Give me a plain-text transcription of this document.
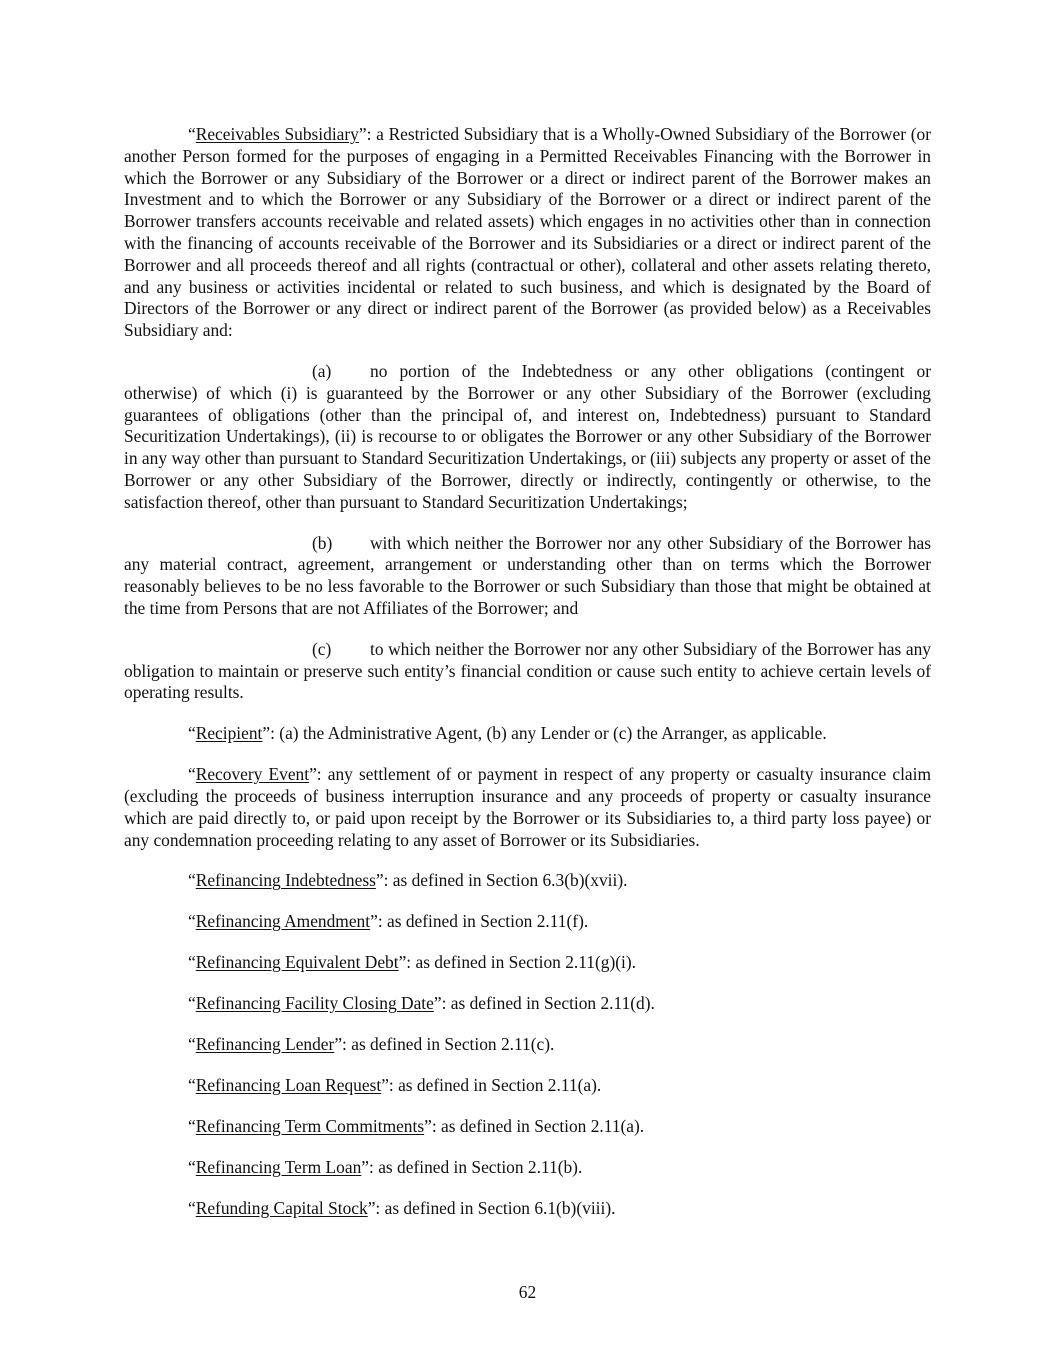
“Receivables Subsidiary”: a Restricted Subsidiary that is a Wholly-Owned Subsidiary of the Borrower (or another Person formed for the purposes of engaging in a Permitted Receivables Financing with the Borrower in which the Borrower or any Subsidiary of the Borrower or a direct or indirect parent of the Borrower makes an Investment and to which the Borrower or any Subsidiary of the Borrower or a direct or indirect parent of the Borrower transfers accounts receivable and related assets) which engages in no activities other than in connection with the financing of accounts receivable of the Borrower and its Subsidiaries or a direct or indirect parent of the Borrower and all proceeds thereof and all rights (contractual or other), collateral and other assets relating thereto, and any business or activities incidental or related to such business, and which is designated by the Board of Directors of the Borrower or any direct or indirect parent of the Borrower (as provided below) as a Receivables Subsidiary and:

(a) no portion of the Indebtedness or any other obligations (contingent or otherwise) of which (i) is guaranteed by the Borrower or any other Subsidiary of the Borrower (excluding guarantees of obligations (other than the principal of, and interest on, Indebtedness) pursuant to Standard Securitization Undertakings), (ii) is recourse to or obligates the Borrower or any other Subsidiary of the Borrower in any way other than pursuant to Standard Securitization Undertakings, or (iii) subjects any property or asset of the Borrower or any other Subsidiary of the Borrower, directly or indirectly, contingently or otherwise, to the satisfaction thereof, other than pursuant to Standard Securitization Undertakings;

(b) with which neither the Borrower nor any other Subsidiary of the Borrower has any material contract, agreement, arrangement or understanding other than on terms which the Borrower reasonably believes to be no less favorable to the Borrower or such Subsidiary than those that might be obtained at the time from Persons that are not Affiliates of the Borrower; and

(c) to which neither the Borrower nor any other Subsidiary of the Borrower has any obligation to maintain or preserve such entity’s financial condition or cause such entity to achieve certain levels of operating results.

“Recipient”: (a) the Administrative Agent, (b) any Lender or (c) the Arranger, as applicable.

“Recovery Event”: any settlement of or payment in respect of any property or casualty insurance claim (excluding the proceeds of business interruption insurance and any proceeds of property or casualty insurance which are paid directly to, or paid upon receipt by the Borrower or its Subsidiaries to, a third party loss payee) or any condemnation proceeding relating to any asset of Borrower or its Subsidiaries.

“Refinancing Indebtedness”: as defined in Section 6.3(b)(xvii).

“Refinancing Amendment”: as defined in Section 2.11(f).

“Refinancing Equivalent Debt”: as defined in Section 2.11(g)(i).

“Refinancing Facility Closing Date”: as defined in Section 2.11(d).

“Refinancing Lender”: as defined in Section 2.11(c).

“Refinancing Loan Request”: as defined in Section 2.11(a).

“Refinancing Term Commitments”: as defined in Section 2.11(a).

“Refinancing Term Loan”: as defined in Section 2.11(b).

“Refunding Capital Stock”: as defined in Section 6.1(b)(viii).

62
